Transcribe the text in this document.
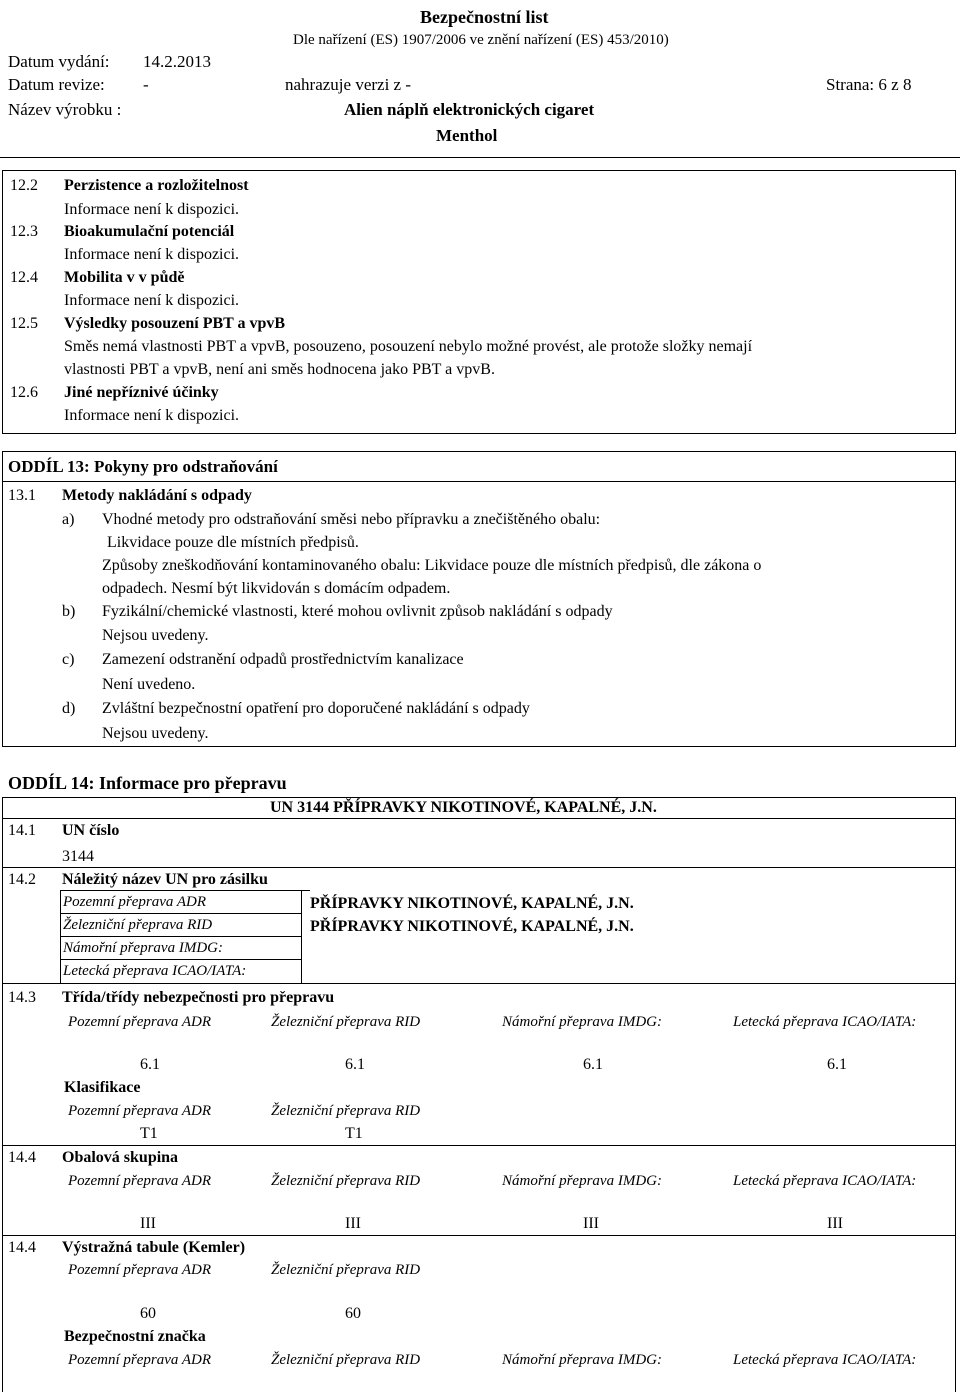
Bezpečnostní list
Dle nařízení (ES) 1907/2006 ve znění nařízení (ES) 453/2010)
Datum vydání: 14.2.2013
Datum revize: -	nahrazuje verzi z -	Strana: 6 z 8
Název výrobku :	Alien náplň elektronických cigaret
Menthol
12.2 Perzistence a rozložitelnost
Informace není k dispozici.
12.3 Bioakumulační potenciál
Informace není k dispozici.
12.4 Mobilita v v půdě
Informace není k dispozici.
12.5 Výsledky posouzení PBT a vpvB
Směs nemá vlastnosti PBT a vpvB, posouzeno, posouzení nebylo možné provést, ale protože složky nemají
vlastnosti PBT a vpvB, není ani směs hodnocena jako PBT a vpvB.
12.6 Jiné nepříznivé účinky
Informace není k dispozici.
ODDÍL 13: Pokyny pro odstraňování
13.1 Metody nakládání s odpady
a) Vhodné metody pro odstraňování směsi nebo přípravku a znečištěného obalu:
Likvidace pouze dle místních předpisů.
Způsoby zneškodňování kontaminovaného obalu: Likvidace pouze dle místních předpisů, dle zákona o
odpadech. Nesmí být likvidován s domácím odpadem.
b) Fyzikální/chemické vlastnosti, které mohou ovlivnit způsob nakládání s odpady
Nejsou uvedeny.
c) Zamezení odstranění odpadů prostřednictvím kanalizace
Není uvedeno.
d) Zvláštní bezpečnostní opatření pro doporučené nakládání s odpady
Nejsou uvedeny.
ODDÍL 14: Informace pro přepravu
UN 3144 PŘÍPRAVKY NIKOTINOVÉ, KAPALNÉ, J.N.
14.1 UN číslo
3144
14.2 Náležitý název UN pro zásilku
Pozemní přeprava ADR	PŘÍPRAVKY NIKOTINOVÉ, KAPALNÉ, J.N.
Železniční přeprava RID	PŘÍPRAVKY NIKOTINOVÉ, KAPALNÉ, J.N.
Námořní přeprava IMDG:
Letecká přeprava ICAO/IATA:
14.3 Třída/třídy nebezpečnosti pro přepravu
Pozemní přeprava ADR	Železniční přeprava RID	Námořní přeprava IMDG:	Letecká přeprava ICAO/IATA:
6.1	6.1	6.1	6.1
Klasifikace
Pozemní přeprava ADR	Železniční přeprava RID
T1	T1
14.4 Obalová skupina
Pozemní přeprava ADR	Železniční přeprava RID	Námořní přeprava IMDG:	Letecká přeprava ICAO/IATA:
III	III	III	III
14.4 Výstražná tabule (Kemler)
Pozemní přeprava ADR	Železniční přeprava RID
60	60
Bezpečnostní značka
Pozemní přeprava ADR	Železniční přeprava RID	Námořní přeprava IMDG:	Letecká přeprava ICAO/IATA:
